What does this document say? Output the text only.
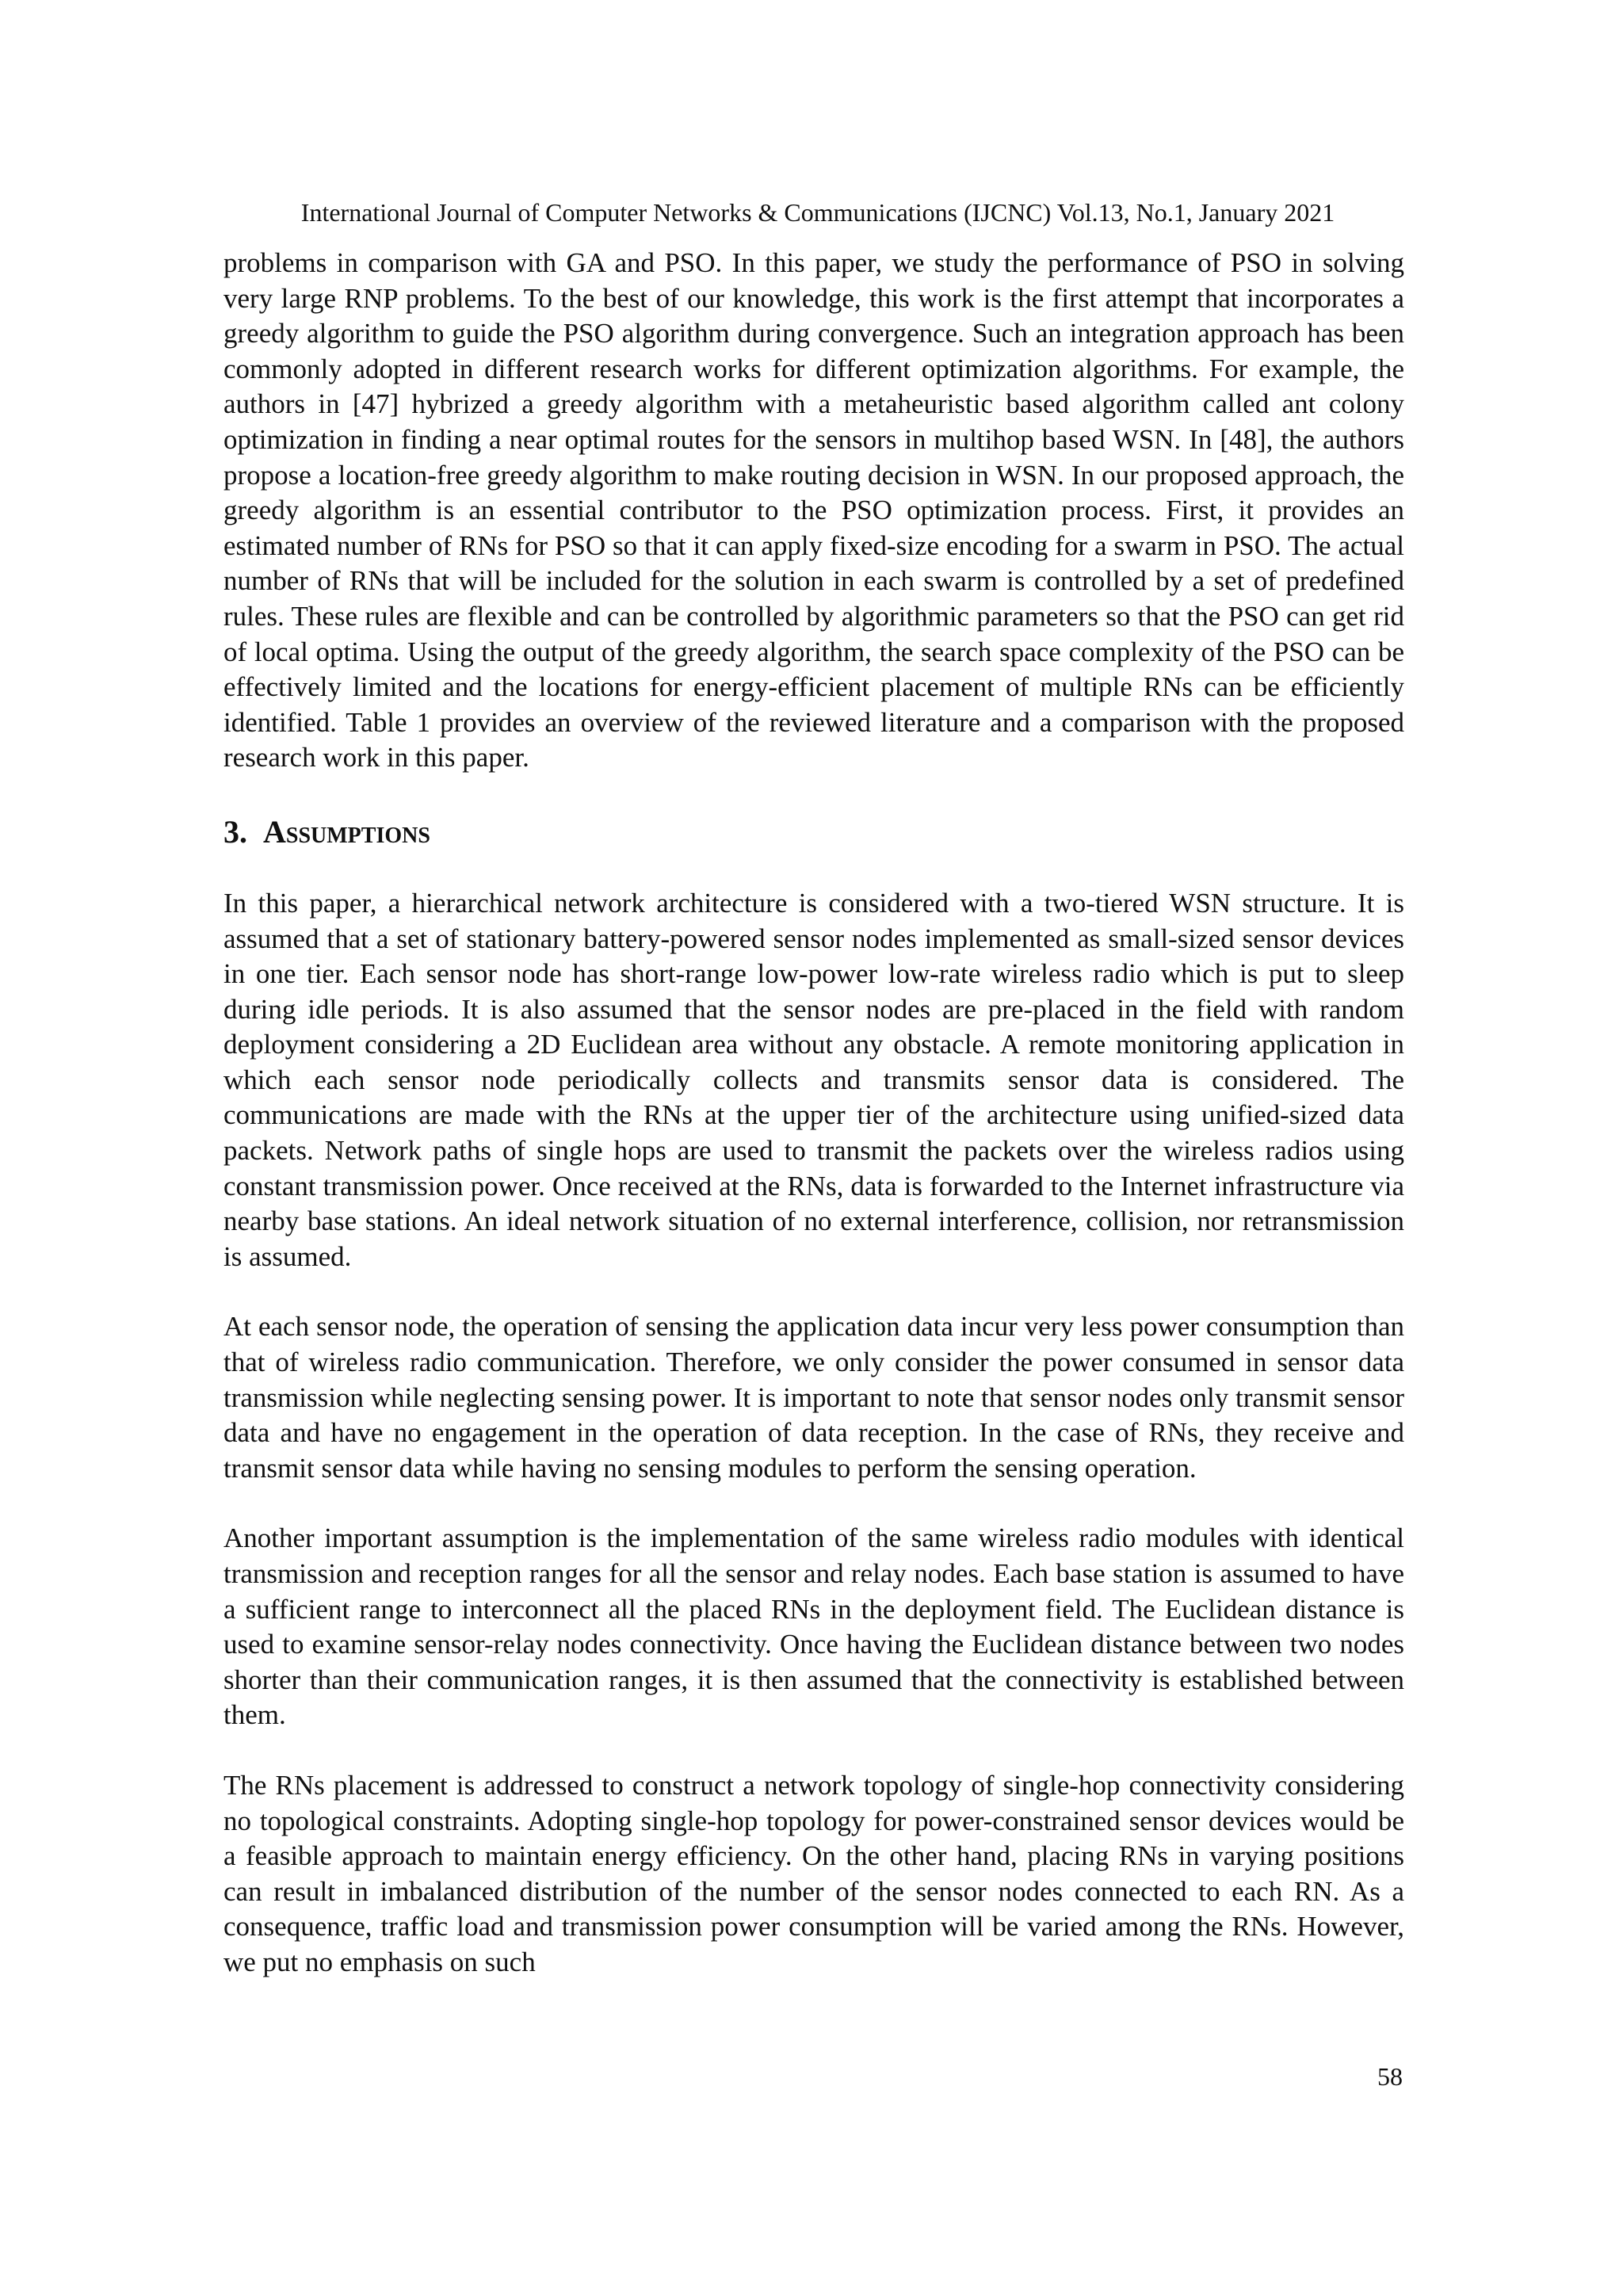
International Journal of Computer Networks & Communications (IJCNC) Vol.13, No.1, January 2021

problems in comparison with GA and PSO. In this paper, we study the performance of PSO in solving very large RNP problems. To the best of our knowledge, this work is the first attempt that incorporates a greedy algorithm to guide the PSO algorithm during convergence. Such an integration approach has been commonly adopted in different research works for different optimization algorithms. For example, the authors in [47] hybrized a greedy algorithm with a metaheuristic based algorithm called ant colony optimization in finding a near optimal routes for the sensors in multihop based WSN. In [48], the authors propose a location-free greedy algorithm to make routing decision in WSN. In our proposed approach, the greedy algorithm is an essential contributor to the PSO optimization process. First, it provides an estimated number of RNs for PSO so that it can apply fixed-size encoding for a swarm in PSO. The actual number of RNs that will be included for the solution in each swarm is controlled by a set of predefined rules. These rules are flexible and can be controlled by algorithmic parameters so that the PSO can get rid of local optima. Using the output of the greedy algorithm, the search space complexity of the PSO can be effectively limited and the locations for energy-efficient placement of multiple RNs can be efficiently identified. Table 1 provides an overview of the reviewed literature and a comparison with the proposed research work in this paper.

3. Assumptions

In this paper, a hierarchical network architecture is considered with a two-tiered WSN structure. It is assumed that a set of stationary battery-powered sensor nodes implemented as small-sized sensor devices in one tier. Each sensor node has short-range low-power low-rate wireless radio which is put to sleep during idle periods. It is also assumed that the sensor nodes are pre-placed in the field with random deployment considering a 2D Euclidean area without any obstacle. A remote monitoring application in which each sensor node periodically collects and transmits sensor data is considered. The communications are made with the RNs at the upper tier of the architecture using unified-sized data packets. Network paths of single hops are used to transmit the packets over the wireless radios using constant transmission power. Once received at the RNs, data is forwarded to the Internet infrastructure via nearby base stations. An ideal network situation of no external interference, collision, nor retransmission is assumed.

At each sensor node, the operation of sensing the application data incur very less power consumption than that of wireless radio communication. Therefore, we only consider the power consumed in sensor data transmission while neglecting sensing power. It is important to note that sensor nodes only transmit sensor data and have no engagement in the operation of data reception. In the case of RNs, they receive and transmit sensor data while having no sensing modules to perform the sensing operation.

Another important assumption is the implementation of the same wireless radio modules with identical transmission and reception ranges for all the sensor and relay nodes. Each base station is assumed to have a sufficient range to interconnect all the placed RNs in the deployment field. The Euclidean distance is used to examine sensor-relay nodes connectivity. Once having the Euclidean distance between two nodes shorter than their communication ranges, it is then assumed that the connectivity is established between them.

The RNs placement is addressed to construct a network topology of single-hop connectivity considering no topological constraints. Adopting single-hop topology for power-constrained sensor devices would be a feasible approach to maintain energy efficiency. On the other hand, placing RNs in varying positions can result in imbalanced distribution of the number of the sensor nodes connected to each RN. As a consequence, traffic load and transmission power consumption will be varied among the RNs. However, we put no emphasis on such

58
